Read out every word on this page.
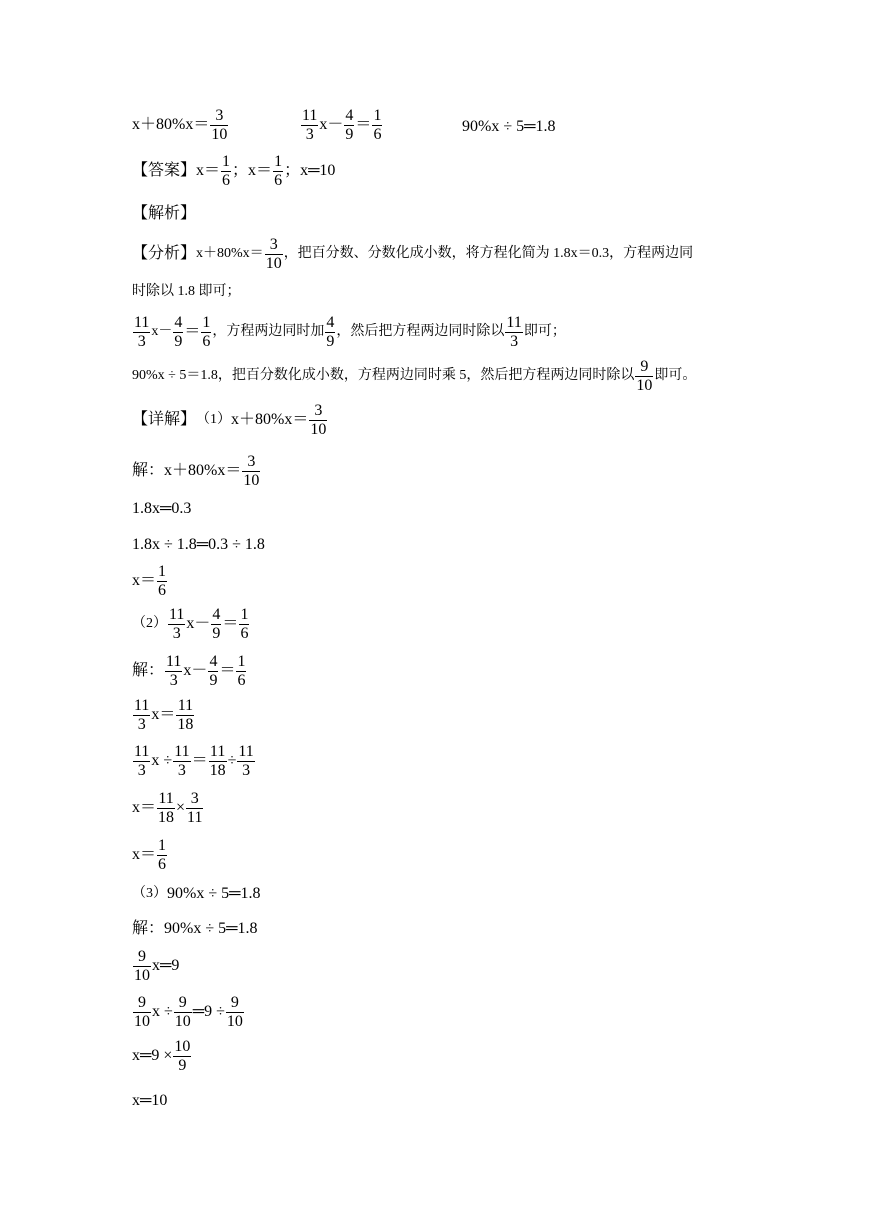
$x+80\%x= \frac{3}{10}$	$\frac{11}{3} x- \frac{4}{9} = \frac{1}{6}$	90%x ÷ 5═1.8
【答案】$x= \frac{1}{6}$ ；$x= \frac{1}{6}$ ；x═10
【解析】
【分析】$x+80\%x= \frac{3}{10}$ ，把百分数、分数化成小数，将方程化简为 1.8x＝0.3，方程两边同
时除以 1.8 即可；
$\frac{11}{3} x- \frac{4}{9} = \frac{1}{6}$ ，方程两边同时加 $\frac{4}{9}$ ，然后把方程两边同时除以 $\frac{11}{3}$ 即可；
90%x ÷ 5＝1.8，把百分数化成小数，方程两边同时乘 5，然后把方程两边同时除以 $\frac{9}{10}$ 即可。
【详解】$(1)x+80\%x= \frac{3}{10}$
解：$x+80\%x= \frac{3}{10}$
1.8x═0.3
1.8x ÷ 1.8═0.3 ÷ 1.8
$x= \frac{1}{6}$
$(2) \frac{11}{3} x- \frac{4}{9} = \frac{1}{6}$
解： $\frac{11}{3} x- \frac{4}{9} = \frac{1}{6}$
$\frac{11}{3} x= \frac{11}{18}$
$\frac{11}{3}$ $x \div \frac{11}{3} = \frac{11}{18} \div \frac{11}{3}$
$x= \frac{11}{18} \times \frac{3}{11}$
$x= \frac{1}{6}$
（3）90%x ÷ 5═1.8
解：90%x ÷ 5═1.8
$\frac{9}{10}$ x═9
$\frac{9}{10}$ $x \div \frac{9}{10}$ ═9 ÷ $\frac{9}{10}$
x═9 × $\frac{10}{9}$
x═10
